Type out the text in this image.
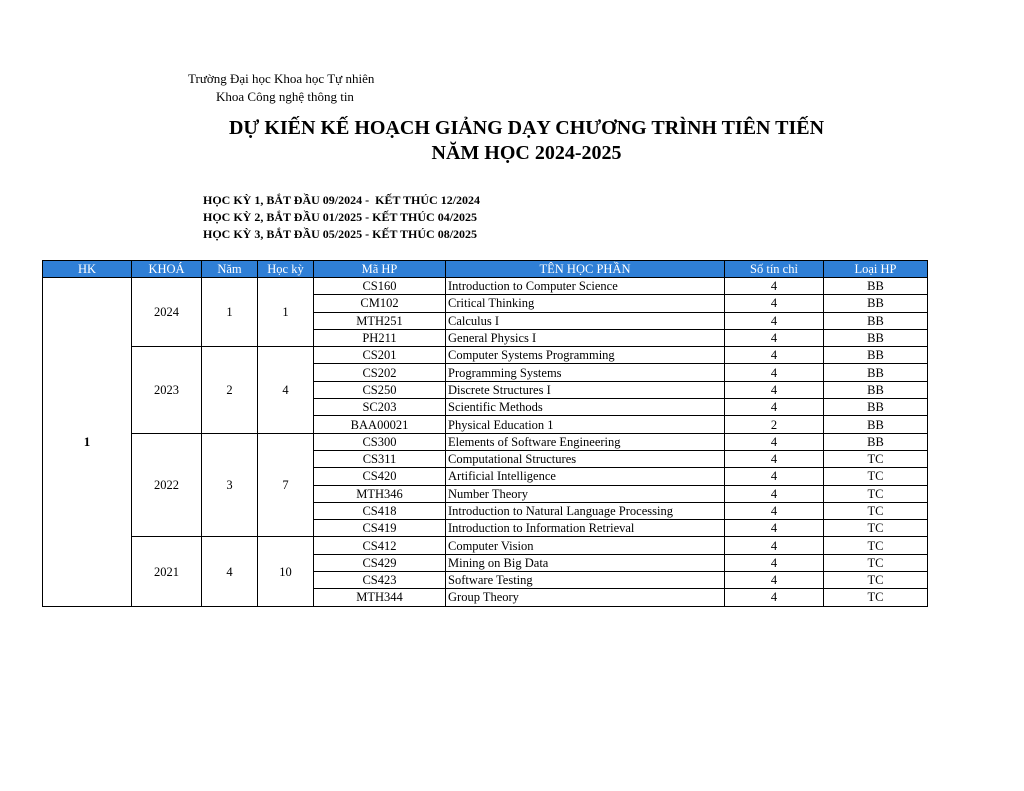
Trường Đại học Khoa học Tự nhiên
Khoa Công nghệ thông tin
DỰ KIẾN KẾ HOẠCH GIẢNG DẠY CHƯƠNG TRÌNH TIÊN TIẾN
NĂM HỌC 2024-2025
HỌC KỲ 1, BẮT ĐẦU 09/2024 -  KẾT THÚC 12/2024
HỌC KỲ 2, BẮT ĐẦU 01/2025 - KẾT THÚC 04/2025
HỌC KỲ 3, BẮT ĐẦU 05/2025 - KẾT THÚC 08/2025
HK	KHOÁ	Năm	Học kỳ	Mã HP	TÊN HỌC PHẦN	Số tín chỉ	Loại HP
1	2024	1	1	CS160	Introduction to Computer Science	4	BB
				CM102	Critical Thinking	4	BB
				MTH251	Calculus I	4	BB
				PH211	General Physics I	4	BB
	2023	2	4	CS201	Computer Systems Programming	4	BB
				CS202	Programming Systems	4	BB
				CS250	Discrete Structures I	4	BB
				SC203	Scientific Methods	4	BB
				BAA00021	Physical Education 1	2	BB
	2022	3	7	CS300	Elements of Software Engineering	4	BB
				CS311	Computational Structures	4	TC
				CS420	Artificial Intelligence	4	TC
				MTH346	Number Theory	4	TC
				CS418	Introduction to Natural Language Processing	4	TC
				CS419	Introduction to Information Retrieval	4	TC
	2021	4	10	CS412	Computer Vision	4	TC
				CS429	Mining on Big Data	4	TC
				CS423	Software Testing	4	TC
				MTH344	Group Theory	4	TC
